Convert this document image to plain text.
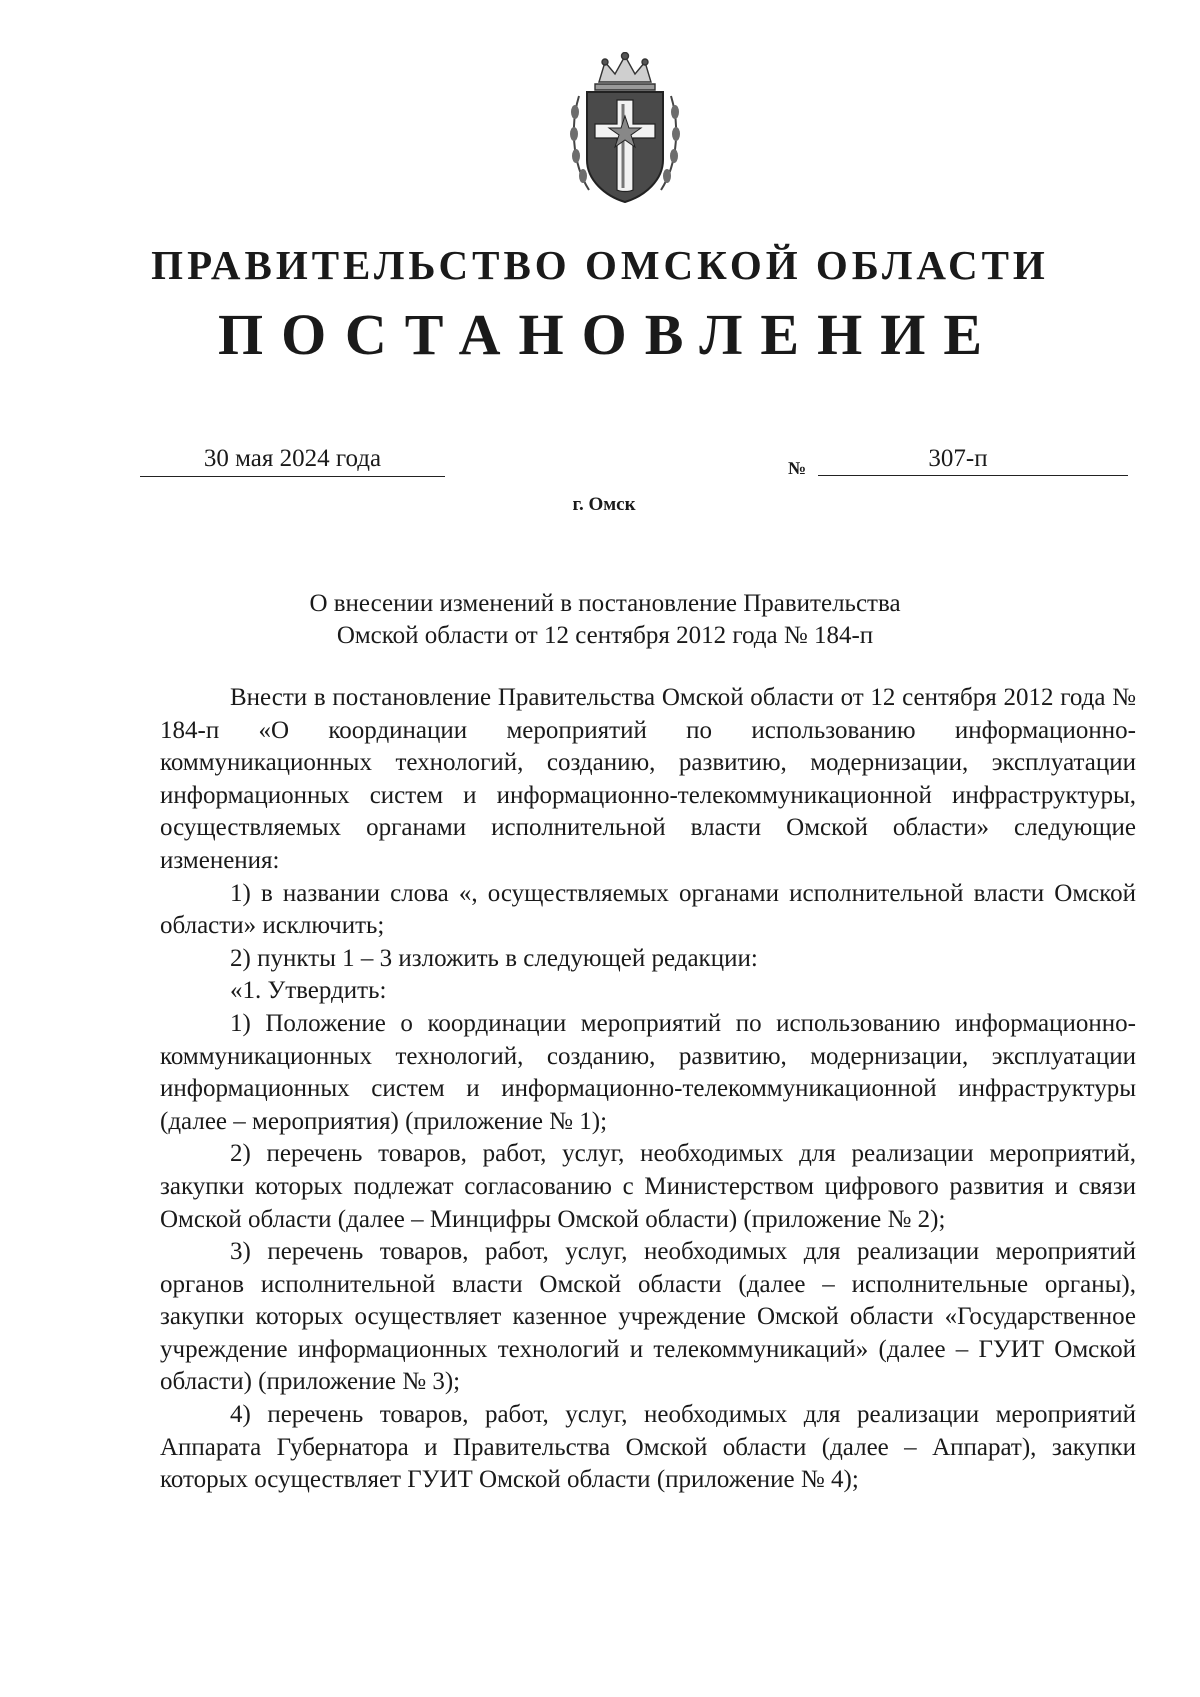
ПРАВИТЕЛЬСТВО ОМСКОЙ ОБЛАСТИ
ПОСТАНОВЛЕНИЕ
30 мая 2024 года	№	307-п
г. Омск
О внесении изменений в постановление Правительства
Омской области от 12 сентября 2012 года № 184-п

Внести в постановление Правительства Омской области от 12 сентября 2012 года № 184-п «О координации мероприятий по использованию информационно-коммуникационных технологий, созданию, развитию, модернизации, эксплуатации информационных систем и информационно-телекоммуникационной инфраструктуры, осуществляемых органами исполнительной власти Омской области» следующие изменения:

1) в названии слова «, осуществляемых органами исполнительной власти Омской области» исключить;

2) пункты 1 – 3 изложить в следующей редакции:

«1. Утвердить:

1) Положение о координации мероприятий по использованию информационно-коммуникационных технологий, созданию, развитию, модернизации, эксплуатации информационных систем и информационно-телекоммуникационной инфраструктуры (далее – мероприятия) (приложение № 1);

2) перечень товаров, работ, услуг, необходимых для реализации мероприятий, закупки которых подлежат согласованию с Министерством цифрового развития и связи Омской области (далее – Минцифры Омской области) (приложение № 2);

3) перечень товаров, работ, услуг, необходимых для реализации мероприятий органов исполнительной власти Омской области (далее – исполнительные органы), закупки которых осуществляет казенное учреждение Омской области «Государственное учреждение информационных технологий и телекоммуникаций» (далее – ГУИТ Омской области) (приложение № 3);

4) перечень товаров, работ, услуг, необходимых для реализации мероприятий Аппарата Губернатора и Правительства Омской области (далее – Аппарат), закупки которых осуществляет ГУИТ Омской области (приложение № 4);
